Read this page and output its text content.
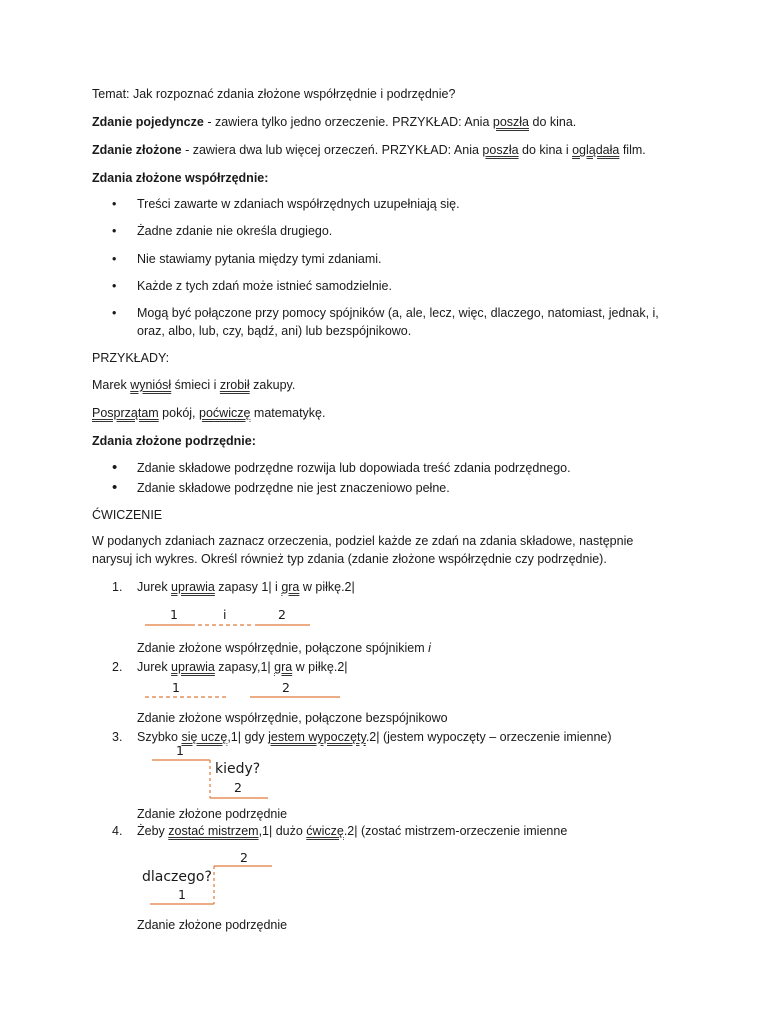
Temat: Jak rozpoznać zdania złożone współrzędnie i podrzędnie?
Zdanie pojedyncze - zawiera tylko jedno orzeczenie. PRZYKŁAD: Ania poszła do kina.
Zdanie złożone - zawiera dwa lub więcej orzeczeń. PRZYKŁAD: Ania poszła do kina i oglądała film.
Zdania złożone współrzędnie:
• Treści zawarte w zdaniach współrzędnych uzupełniają się.
• Żadne zdanie nie określa drugiego.
• Nie stawiamy pytania między tymi zdaniami.
• Każde z tych zdań może istnieć samodzielnie.
• Mogą być połączone przy pomocy spójników (a, ale, lecz, więc, dlaczego, natomiast, jednak, i,
oraz, albo, lub, czy, bądź, ani) lub bezspójnikowo.
PRZYKŁADY:
Marek wyniósł śmieci i zrobił zakupy.
Posprzątam pokój, poćwiczę matematykę.
Zdania złożone podrzędnie:
• Zdanie składowe podrzędne rozwija lub dopowiada treść zdania podrzędnego.
• Zdanie składowe podrzędne nie jest znaczeniowo pełne.
ĆWICZENIE
W podanych zdaniach zaznacz orzeczenia, podziel każde ze zdań na zdania składowe, następnie
narysuj ich wykres. Określ również typ zdania (zdanie złożone współrzędnie czy podrzędnie).
1. Jurek uprawia zapasy 1| i gra w piłkę.2|
1	i	2
Zdanie złożone współrzędnie, połączone spójnikiem i
2. Jurek uprawia zapasy,1| gra w piłkę.2|
1	2
Zdanie złożone współrzędnie, połączone bezspójnikowo
3. Szybko się uczę,1| gdy jestem wypoczęty.2| (jestem wypoczęty – orzeczenie imienne)
1
kiedy?
2
Zdanie złożone podrzędnie
4. Żeby zostać mistrzem,1| dużo ćwiczę.2| (zostać mistrzem-orzeczenie imienne
2
dlaczego?
1
Zdanie złożone podrzędnie
